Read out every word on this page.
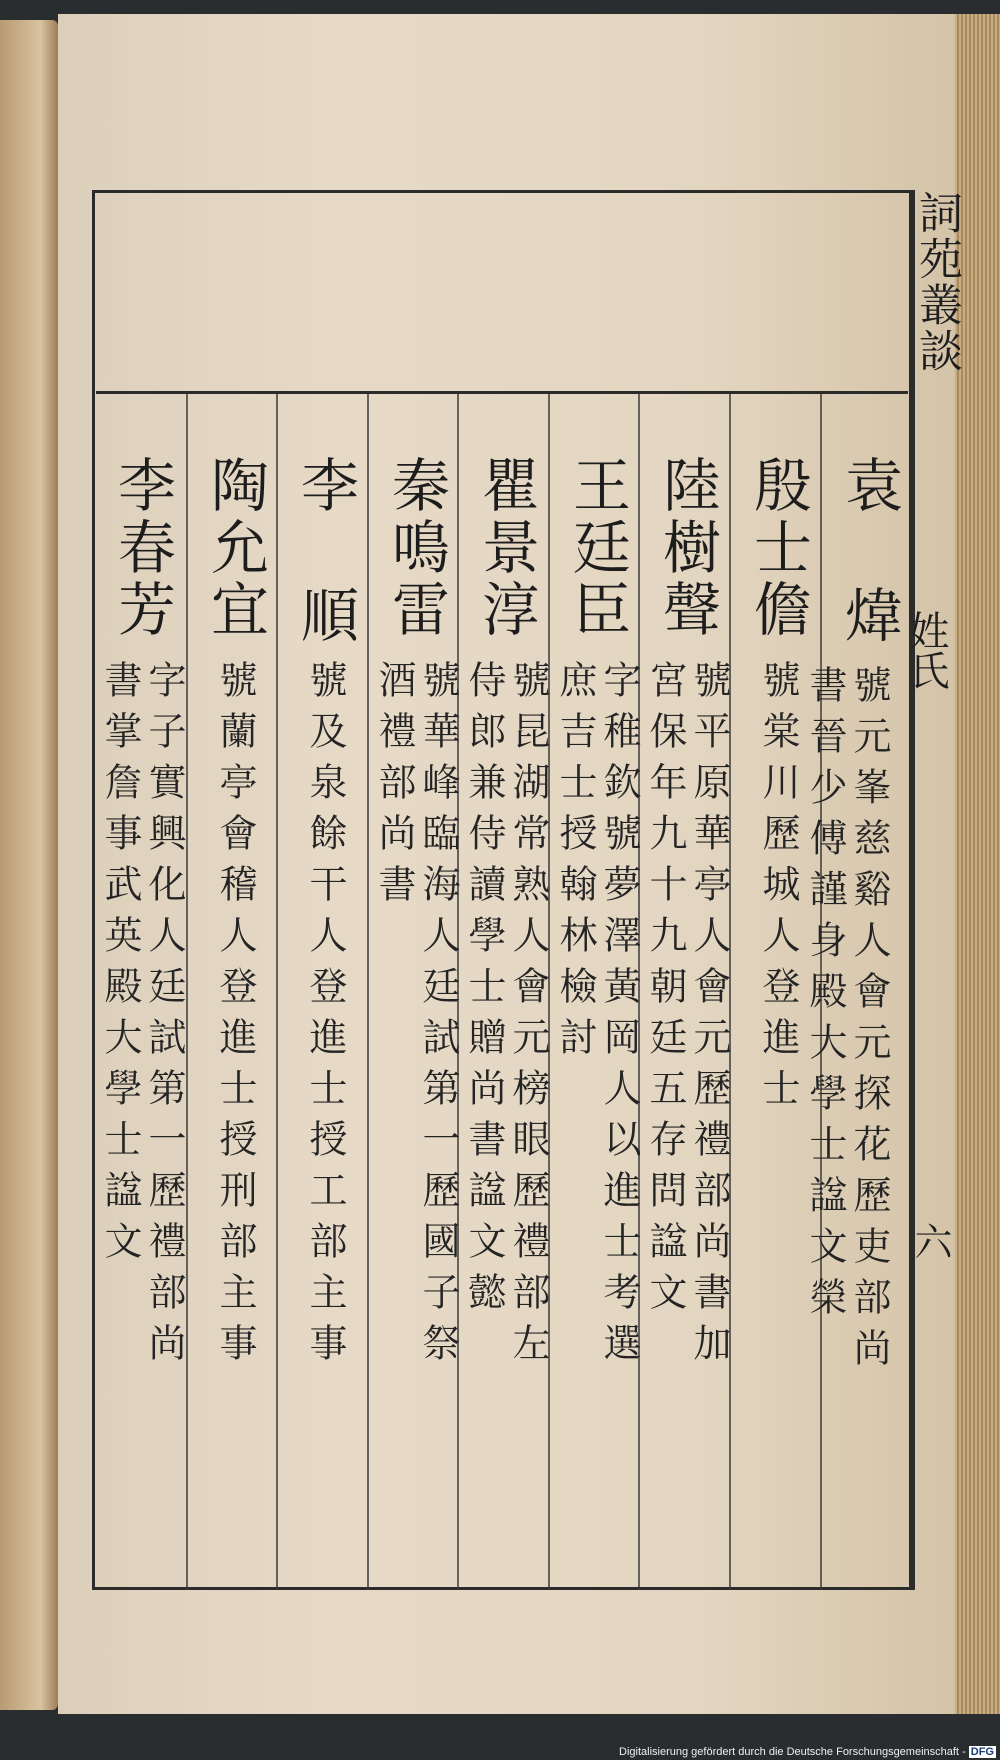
詞苑叢談
姓氏
六
袁
煒
號元峯慈谿人會元探花歷吏部尚
書晉少傅謹身殿大學士諡文榮
殷士儋
號棠川歷城人登進士
陸樹聲
號平原華亭人會元歷禮部尚書加
宮保年九十九朝廷五存問諡文
王廷臣
字稚欽號夢澤黃岡人以進士考選
庶吉士授翰林檢討
瞿景淳
號昆湖常熟人會元榜眼歷禮部左
侍郎兼侍讀學士贈尚書諡文懿
秦鳴雷
號華峰臨海人廷試第一歷國子祭
酒禮部尚書
李
順
號及泉餘干人登進士授工部主事
陶允宜
號蘭亭會稽人登進士授刑部主事
李春芳
字子實興化人廷試第一歷禮部尚
書掌詹事武英殿大學士諡文
Digitalisierung gefördert durch die Deutsche Forschungsgemeinschaft - DFG
